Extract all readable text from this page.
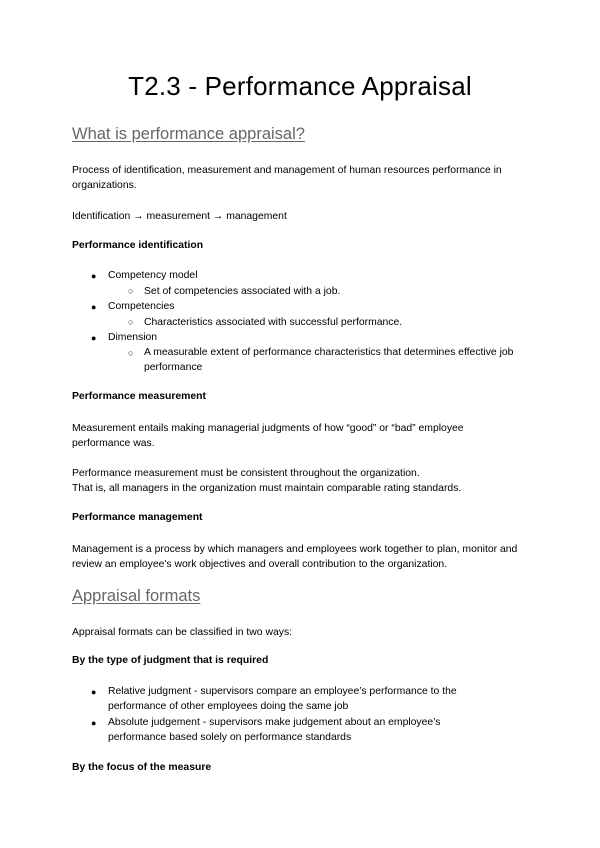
T2.3 - Performance Appraisal
What is performance appraisal?
Process of identification, measurement and management of human resources performance in organizations.
Identification → measurement → management
Performance identification
● Competency model
○ Set of competencies associated with a job.
● Competencies
○ Characteristics associated with successful performance.
● Dimension
○ A measurable extent of performance characteristics that determines effective job performance
Performance measurement
Measurement entails making managerial judgments of how “good” or “bad” employee performance was.
Performance measurement must be consistent throughout the organization.
That is, all managers in the organization must maintain comparable rating standards.
Performance management
Management is a process by which managers and employees work together to plan, monitor and review an employee's work objectives and overall contribution to the organization.
Appraisal formats
Appraisal formats can be classified in two ways:
By the type of judgment that is required
● Relative judgment - supervisors compare an employee’s performance to the performance of other employees doing the same job
● Absolute judgement - supervisors make judgement about an employee’s performance based solely on performance standards
By the focus of the measure
